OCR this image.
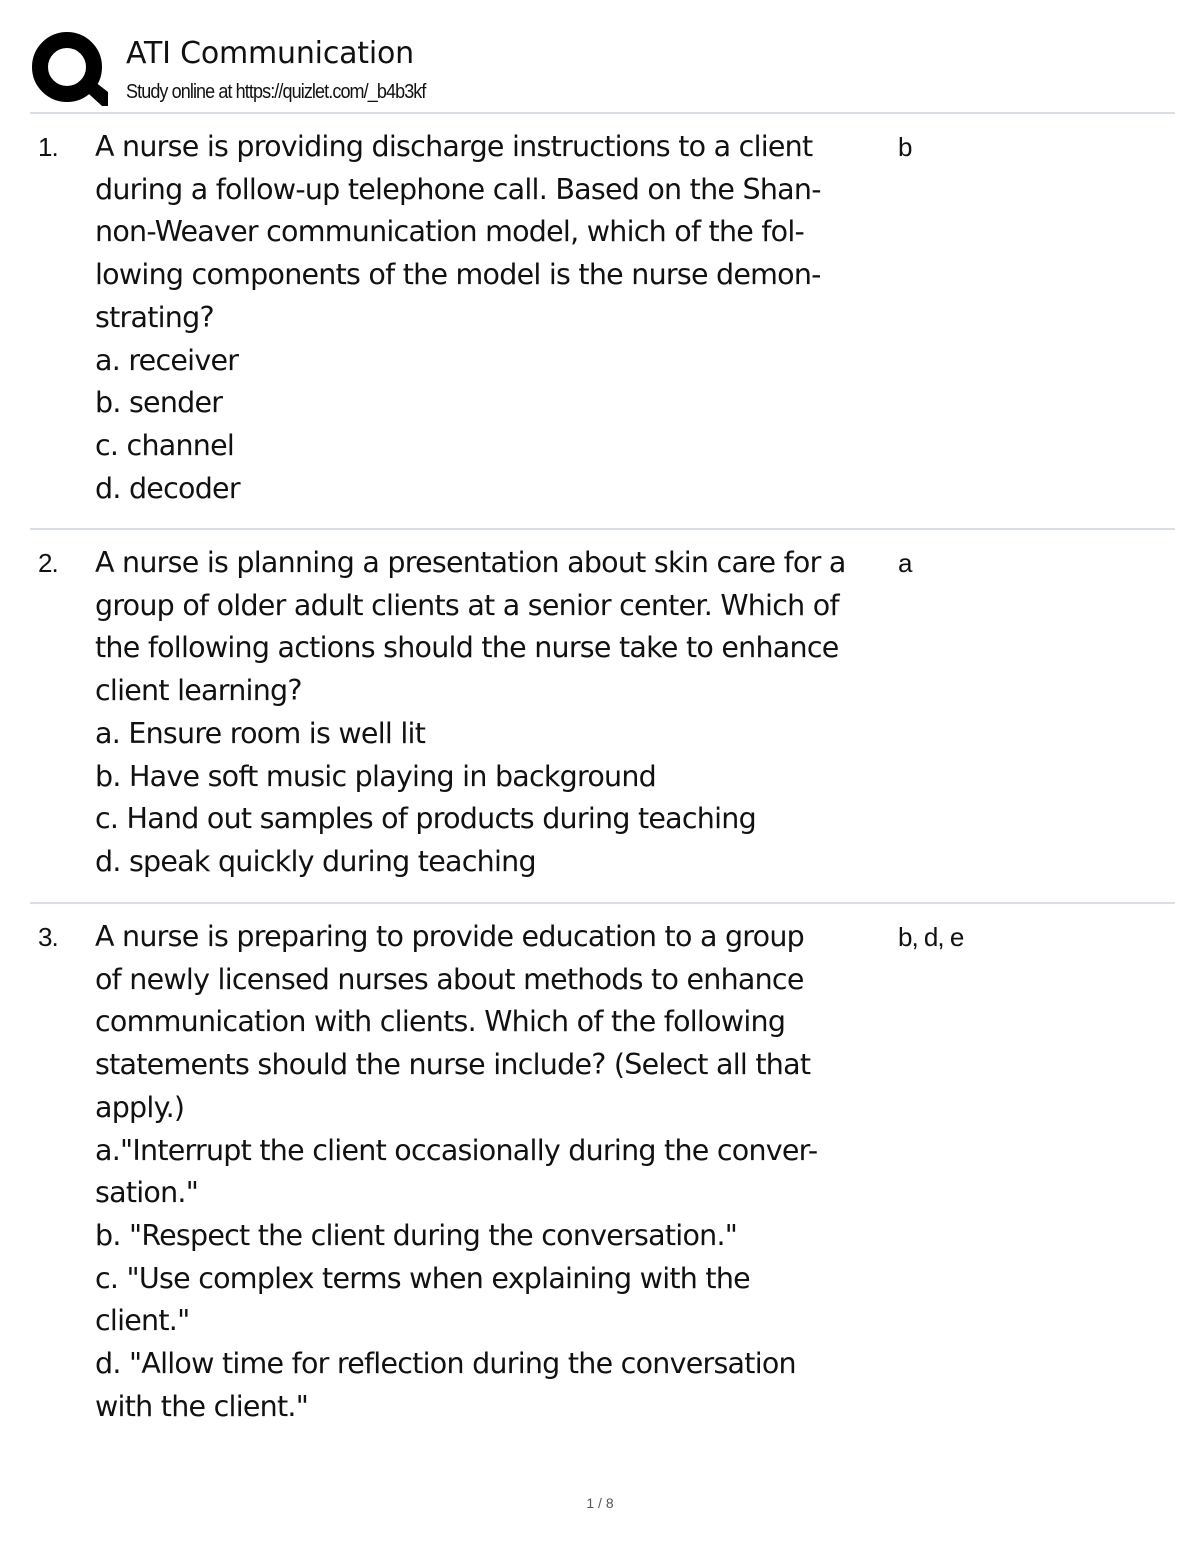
ATI Communication
Study online at https://quizlet.com/_b4b3kf
1. A nurse is providing discharge instructions to a client
during a follow-up telephone call. Based on the Shan-
non-Weaver communication model, which of the fol-
lowing components of the model is the nurse demon-
strating?
a. receiver
b. sender
c. channel
d. decoder
b
2. A nurse is planning a presentation about skin care for a
group of older adult clients at a senior center. Which of
the following actions should the nurse take to enhance
client learning?
a. Ensure room is well lit
b. Have soft music playing in background
c. Hand out samples of products during teaching
d. speak quickly during teaching
a
3. A nurse is preparing to provide education to a group
of newly licensed nurses about methods to enhance
communication with clients. Which of the following
statements should the nurse include? (Select all that
apply.)
a."Interrupt the client occasionally during the conver-
sation."
b. "Respect the client during the conversation."
c. "Use complex terms when explaining with the
client."
d. "Allow time for reflection during the conversation
with the client."
b, d, e
1 / 8
